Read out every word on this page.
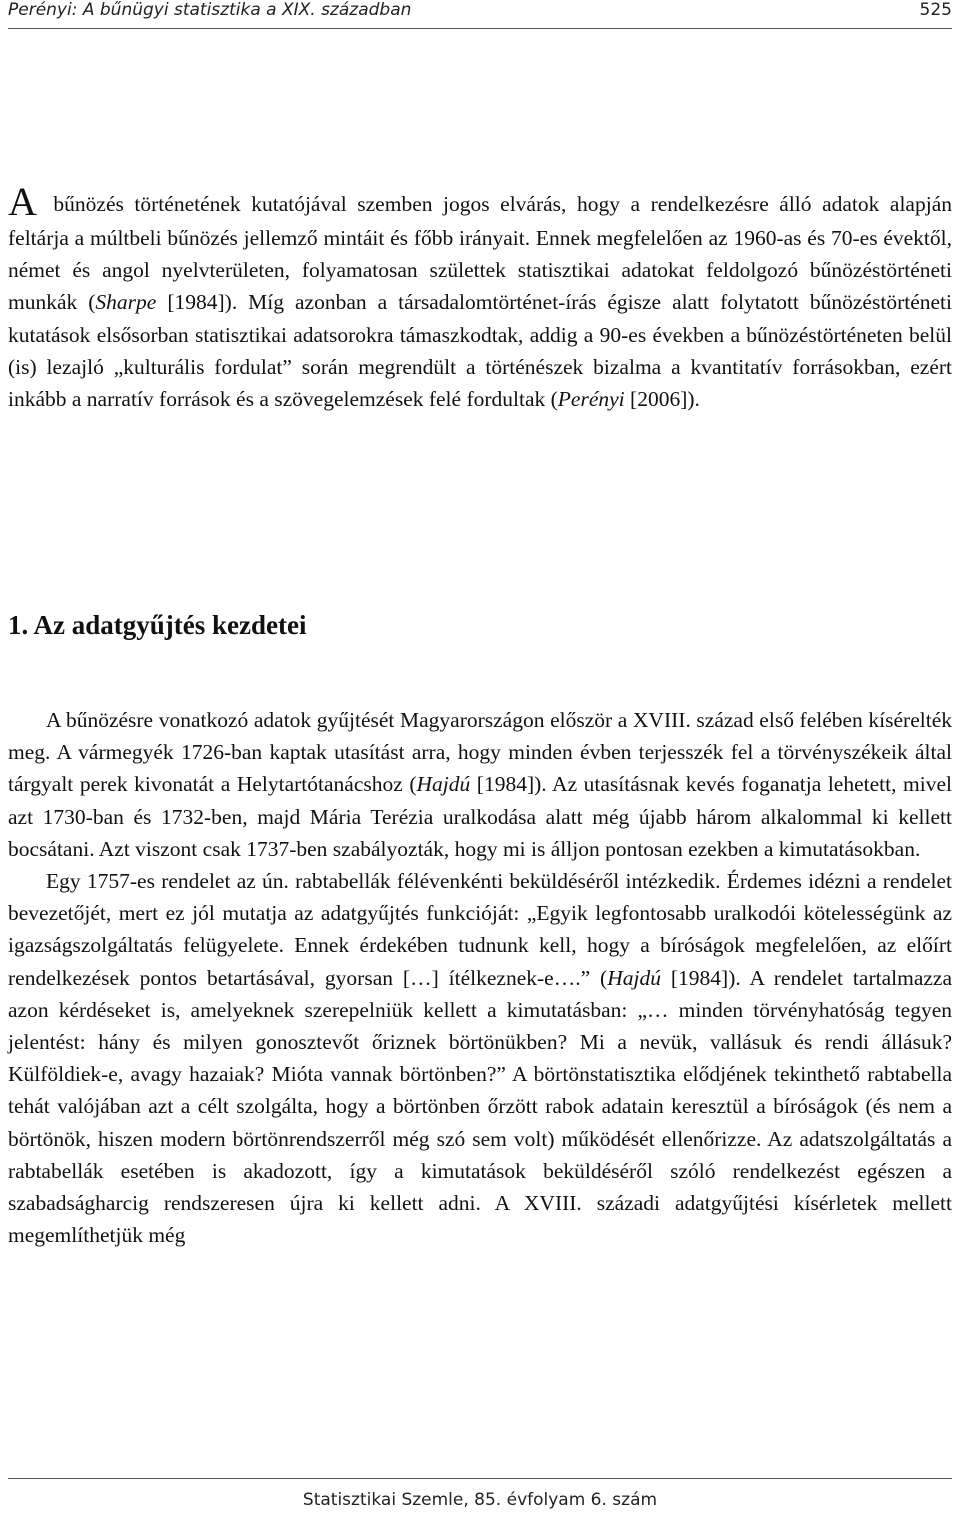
Perényi: A bűnügyi statisztika a XIX. században	525

A bűnözés történetének kutatójával szemben jogos elvárás, hogy a rendelkezésre álló adatok alapján feltárja a múltbeli bűnözés jellemző mintáit és főbb irányait. Ennek megfelelően az 1960-as és 70-es évektől, német és angol nyelvterületen, folyamatosan születtek statisztikai adatokat feldolgozó bűnözéstörténeti munkák (Sharpe [1984]). Míg azonban a társadalomtörténet-írás égisze alatt folytatott bűnözéstörténeti kutatások elsősorban statisztikai adatsorokra támaszkodtak, addig a 90-es években a bűnözéstörténeten belül (is) lezajló „kulturális fordulat” során megrendült a történészek bizalma a kvantitatív forrásokban, ezért inkább a narratív források és a szövegelemzések felé fordultak (Perényi [2006]).

1. Az adatgyűjtés kezdetei

A bűnözésre vonatkozó adatok gyűjtését Magyarországon először a XVIII. század első felében kísérelték meg. A vármegyék 1726-ban kaptak utasítást arra, hogy minden évben terjesszék fel a törvényszékeik által tárgyalt perek kivonatát a Helytartótanácshoz (Hajdú [1984]). Az utasításnak kevés foganatja lehetett, mivel azt 1730-ban és 1732-ben, majd Mária Terézia uralkodása alatt még újabb három alkalommal ki kellett bocsátani. Azt viszont csak 1737-ben szabályozták, hogy mi is álljon pontosan ezekben a kimutatásokban.

Egy 1757-es rendelet az ún. rabtabellák félévenkénti beküldéséről intézkedik. Érdemes idézni a rendelet bevezetőjét, mert ez jól mutatja az adatgyűjtés funkcióját: „Egyik legfontosabb uralkodói kötelességünk az igazságszolgáltatás felügyelete. Ennek érdekében tudnunk kell, hogy a bíróságok megfelelően, az előírt rendelkezések pontos betartásával, gyorsan […] ítélkeznek-e….” (Hajdú [1984]). A rendelet tartalmazza azon kérdéseket is, amelyeknek szerepelniük kellett a kimutatásban: „… minden törvényhatóság tegyen jelentést: hány és milyen gonosztevőt őriznek börtönükben? Mi a nevük, vallásuk és rendi állásuk? Külföldiek-e, avagy hazaiak? Mióta vannak börtönben?” A börtönstatisztika elődjének tekinthető rabtabella tehát valójában azt a célt szolgálta, hogy a börtönben őrzött rabok adatain keresztül a bíróságok (és nem a börtönök, hiszen modern börtönrendszerről még szó sem volt) működését ellenőrizze. Az adatszolgáltatás a rabtabellák esetében is akadozott, így a kimutatások beküldéséről szóló rendelkezést egészen a szabadságharcig rendszeresen újra ki kellett adni. A XVIII. századi adatgyűjtési kísérletek mellett megemlíthetjük még

Statisztikai Szemle, 85. évfolyam 6. szám
